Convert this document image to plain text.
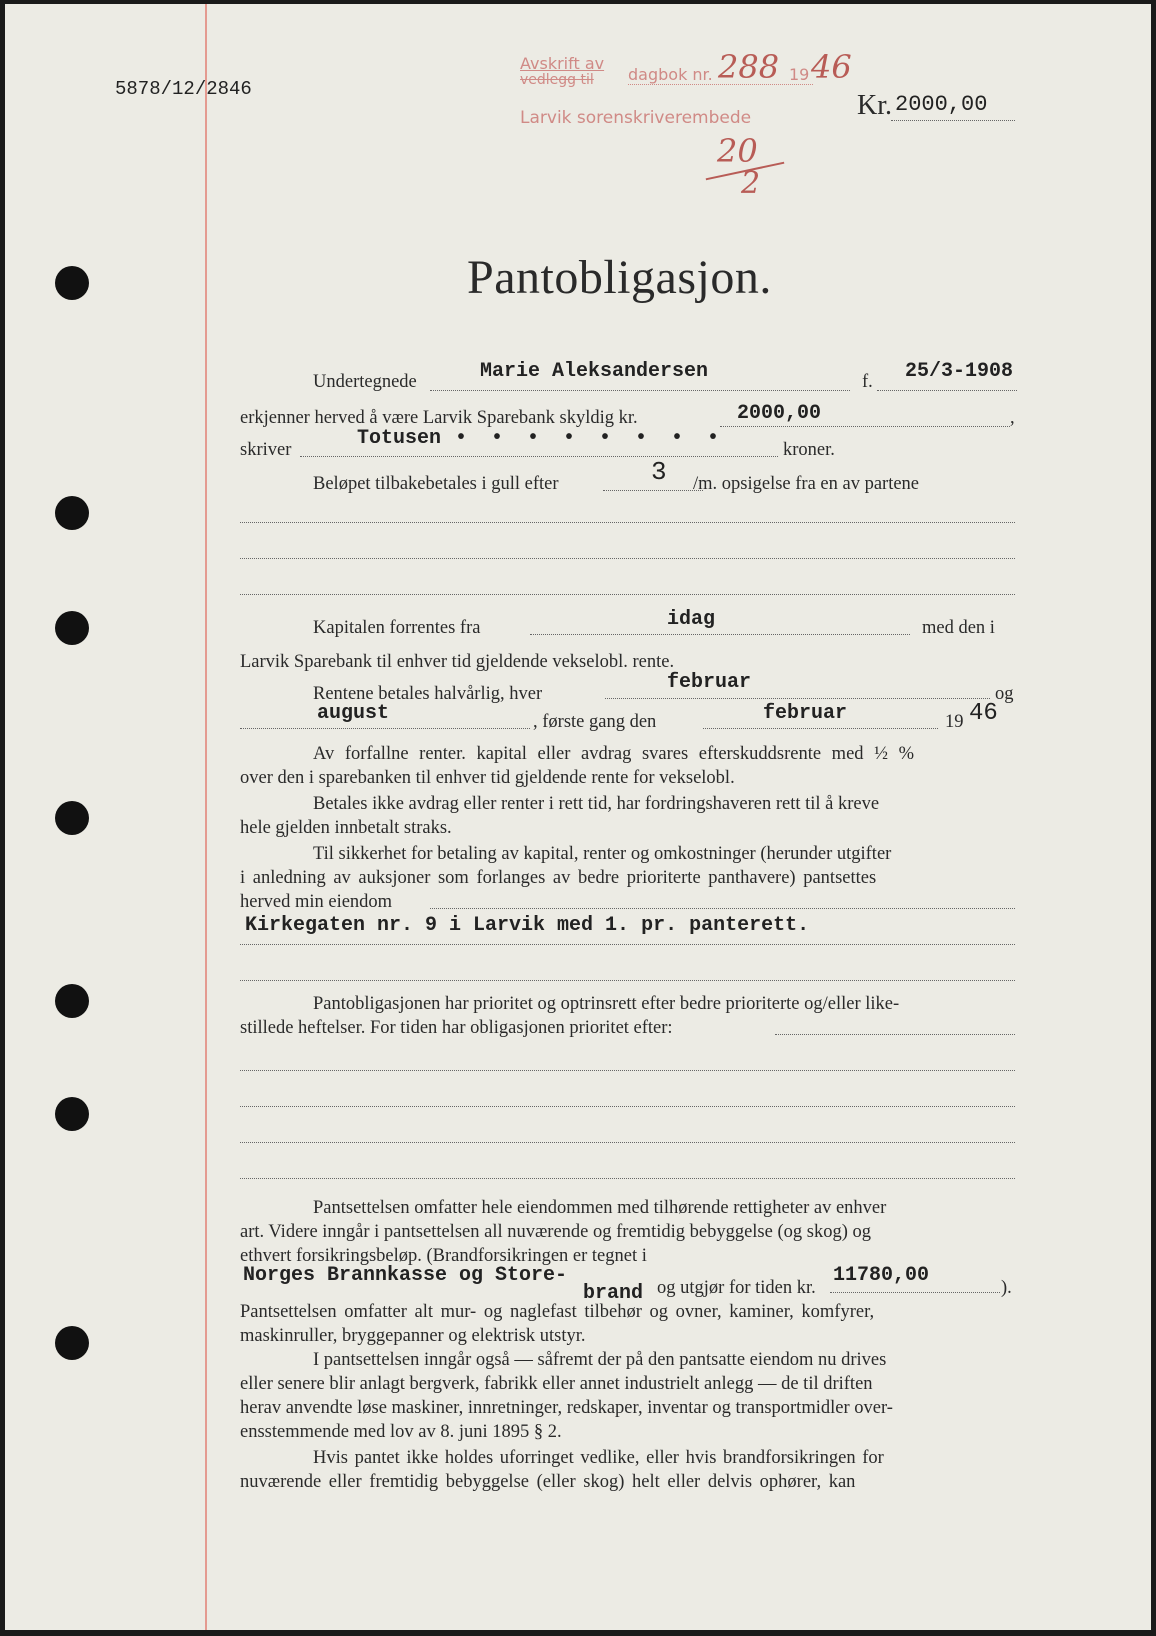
5878/12/2846
Avskrift av
vedlegg til dagbok nr. 288 19 46
Larvik sorenskriverembede
20
2
Kr. 2000,00
Pantobligasjon.
Undertegnede	Marie Aleksandersen	f. 25/3-1908
erkjenner herved å være Larvik Sparebank skyldig kr.	2000,00	,
skriver	Totusen • • • • • • • •	kroner.
Beløpet tilbakebetales i gull efter	3 /m. opsigelse fra en av partene
Kapitalen forrentes fra	idag	med den i
Larvik Sparebank til enhver tid gjeldende vekselobl. rente.
Rentene betales halvårlig, hver	februar	og
august	, første gang den	februar	19 46
Av forfallne renter. kapital eller avdrag svares efterskuddsrente med ½ %
over den i sparebanken til enhver tid gjeldende rente for vekselobl.
Betales ikke avdrag eller renter i rett tid, har fordringshaveren rett til å kreve
hele gjelden innbetalt straks.
Til sikkerhet for betaling av kapital, renter og omkostninger (herunder utgifter
i anledning av auksjoner som forlanges av bedre prioriterte panthavere) pantsettes
herved min eiendom
Kirkegaten nr. 9 i Larvik med 1. pr. panterett.
Pantobligasjonen har prioritet og optrinsrett efter bedre prioriterte og/eller like-
stillede heftelser. For tiden har obligasjonen prioritet efter:
Pantsettelsen omfatter hele eiendommen med tilhørende rettigheter av enhver
art. Videre inngår i pantsettelsen all nuværende og fremtidig bebyggelse (og skog) og
ethvert forsikringsbeløp. (Brandforsikringen er tegnet i
Norges Brannkasse og Store-
brand og utgjør for tiden kr.
11780,00
).
Pantsettelsen omfatter alt mur- og naglefast tilbehør og ovner, kaminer, komfyrer,
maskinruller, bryggepanner og elektrisk utstyr.
I pantsettelsen inngår også — såfremt der på den pantsatte eiendom nu drives
eller senere blir anlagt bergverk, fabrikk eller annet industrielt anlegg — de til driften
herav anvendte løse maskiner, innretninger, redskaper, inventar og transportmidler over-
ensstemmende med lov av 8. juni 1895 § 2.
Hvis pantet ikke holdes uforringet vedlike, eller hvis brandforsikringen for
nuværende eller fremtidig bebyggelse (eller skog) helt eller delvis ophører, kan
